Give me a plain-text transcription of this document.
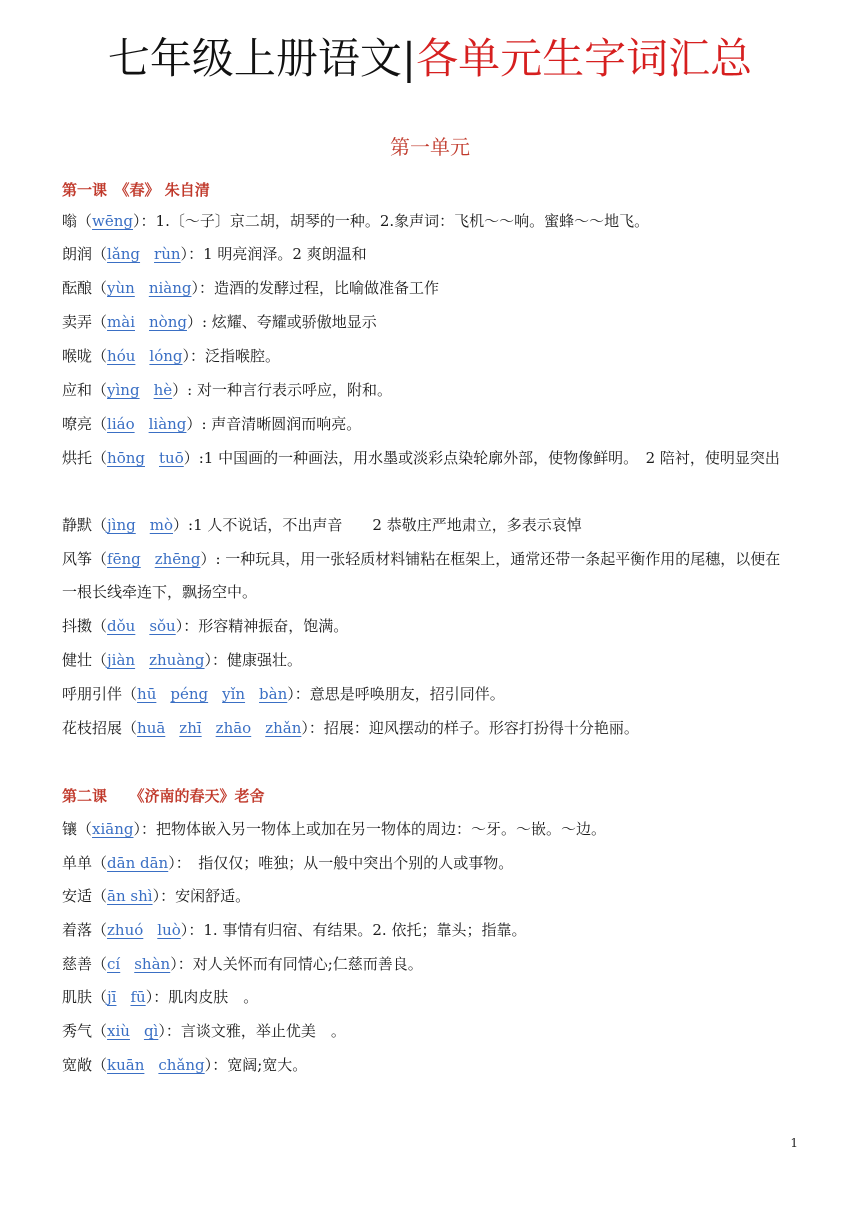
七年级上册语文|各单元生字词汇总
第一单元
第一课　《春》 朱自清
嗡（wēng）：1.〔～子〕京二胡，胡琴的一种。2.象声词：飞机～～响。蜜蜂～～地飞。
朗润（lǎng rùn）：1 明亮润泽。2 爽朗温和
酝酿（yùn niàng）：造酒的发酵过程，比喻做准备工作
卖弄（mài nòng）: 炫耀、夸耀或骄傲地显示
喉咙（hóu lóng）：泛指喉腔。
应和（yìng hè）: 对一种言行表示呼应，附和。
嘹亮（liáo liàng）: 声音清晰圆润而响亮。
烘托（hōng tuō）:1 中国画的一种画法，用水墨或淡彩点染轮廓外部，使物像鲜明。　2 陪衬，使明显突出
静默（jìng mò）:1 人不说话，不出声音　　2 恭敬庄严地肃立，多表示哀悼
风筝（fēng zhēng）: 一种玩具，用一张轻质材料铺粘在框架上，通常还带一条起平衡作用的尾穗，以便在一根长线牵连下，飘扬空中。
抖擞（dǒu sǒu）：形容精神振奋，饱满。
健壮（jiàn zhuàng）：健康强壮。
呼朋引伴（hū péng yǐn bàn）：意思是呼唤朋友，招引同伴。
花枝招展（huā zhī zhāo zhǎn）：招展：迎风摆动的样子。形容打扮得十分艳丽。
第二课　　《济南的春天》老舍
镶（xiāng）：把物体嵌入另一物体上或加在另一物体的周边：～牙。～嵌。～边。
单单（dān dān）：　指仅仅；唯独；从一般中突出个别的人或事物。
安适（ān shì）：安闲舒适。
着落（zhuó luò）：1. 事情有归宿、有结果。2. 依托；靠头；指靠。
慈善（cí shàn）：对人关怀而有同情心;仁慈而善良。
肌肤（jī fū）：肌肉皮肤　。
秀气（xiù qì）：言谈文雅，举止优美　。
宽敞（kuān chǎng）：宽阔;宽大。
1
